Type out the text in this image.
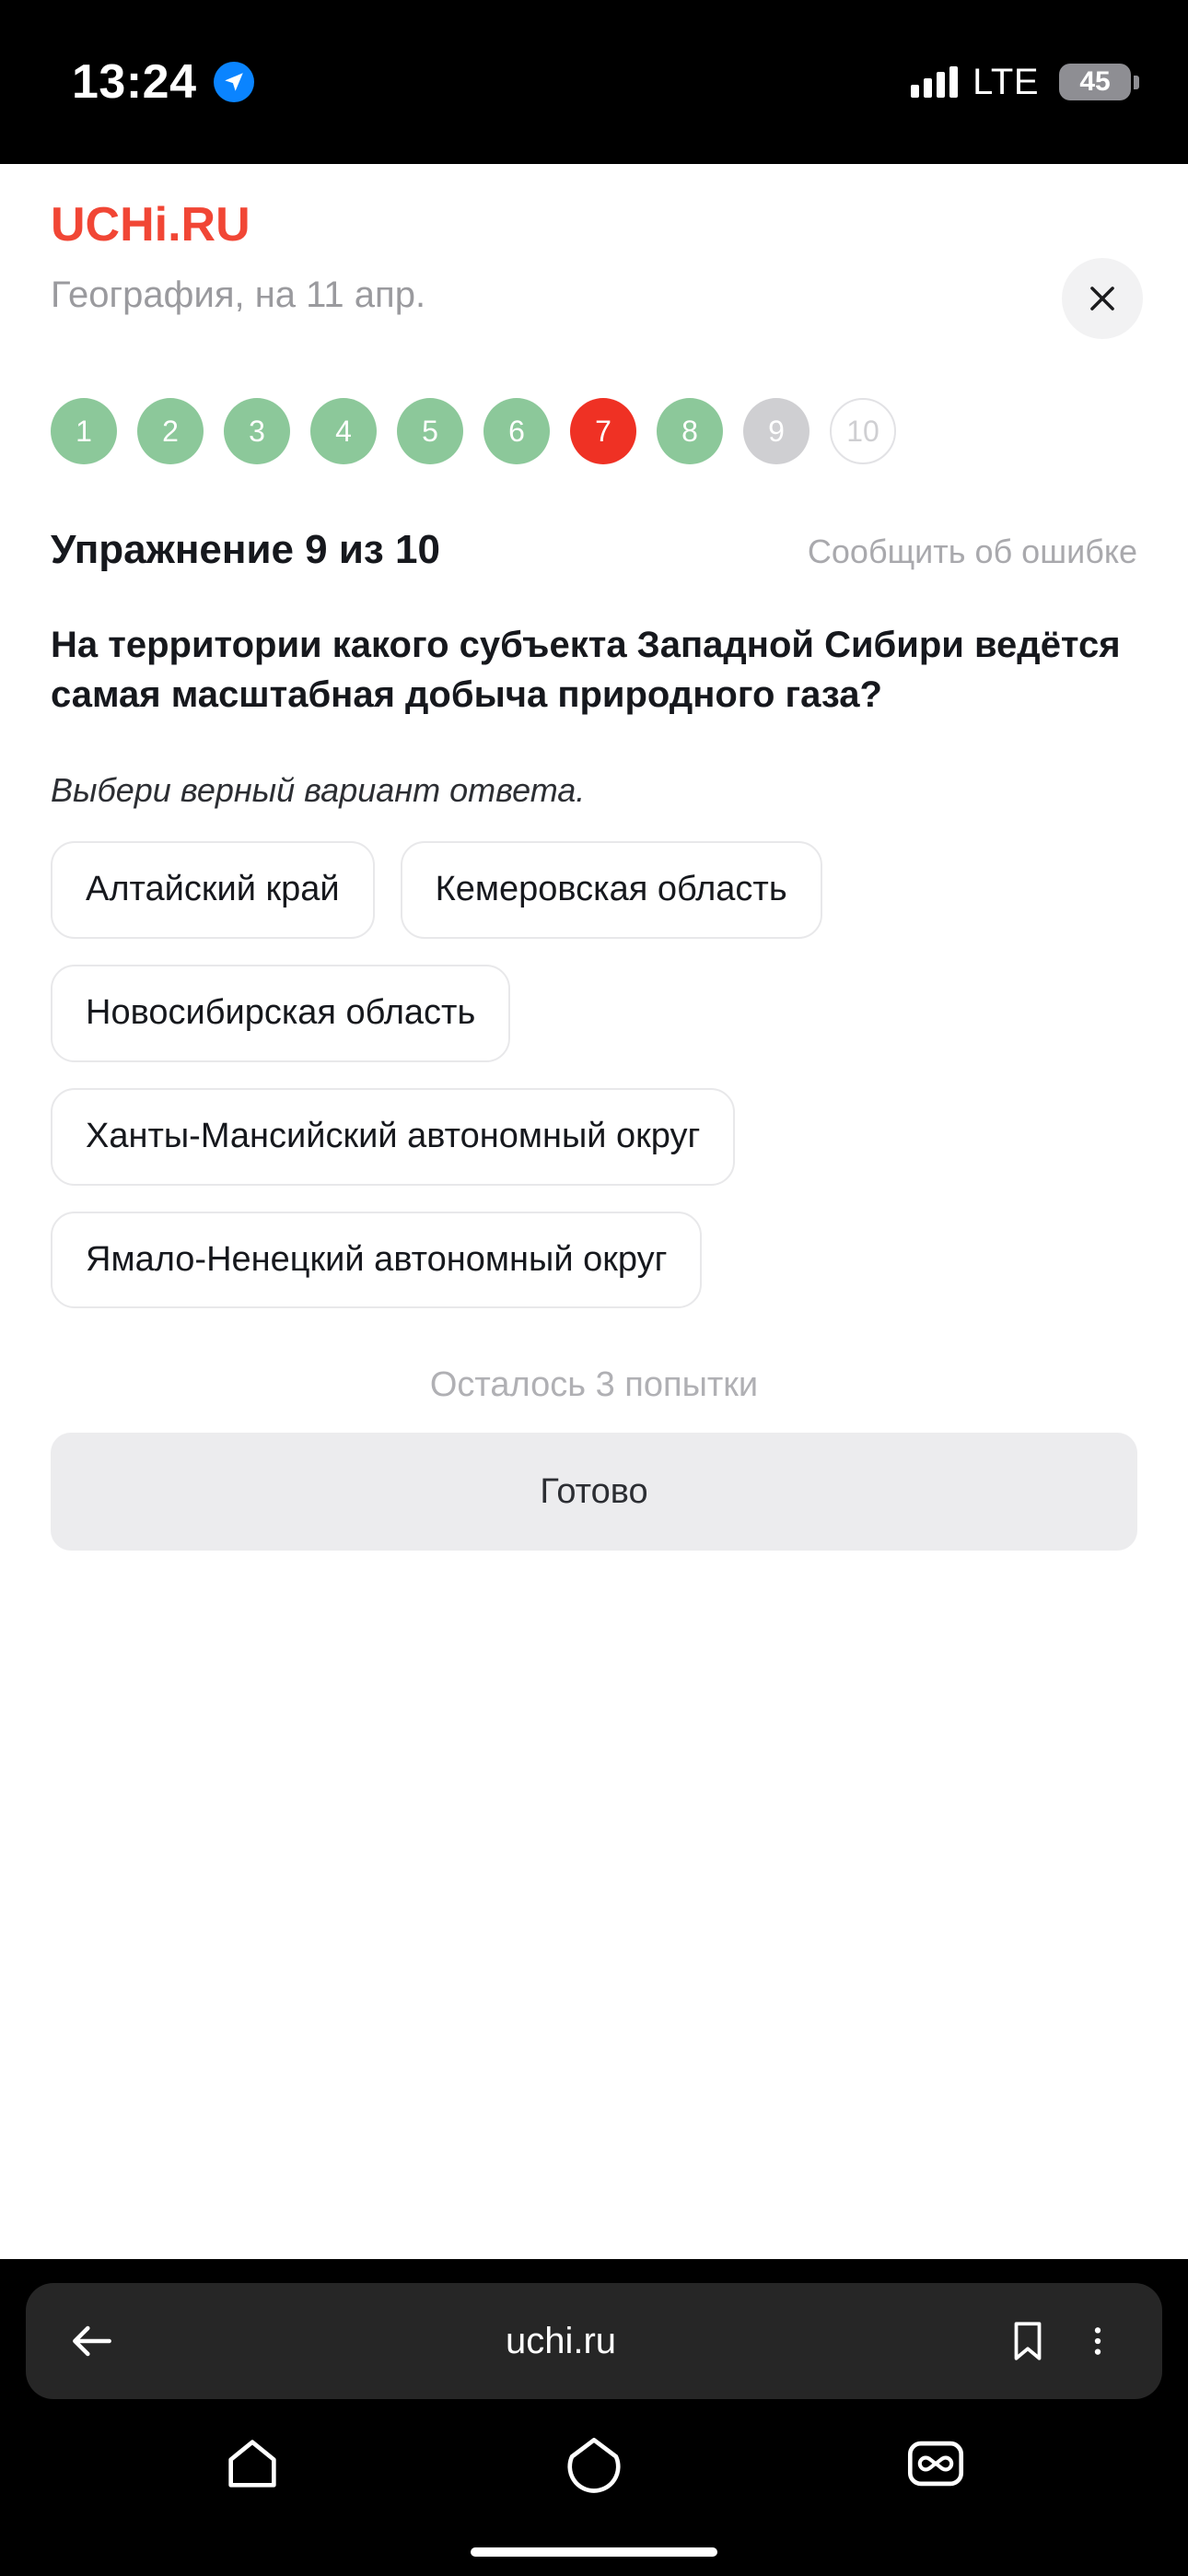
13:24	LTE 45
UCHi.RU
География, на 11 апр.
1	2	3	4	5	6	7	8	9	10
Упражнение 9 из 10	Сообщить об ошибке
На территории какого субъекта Западной Сибири ведётся самая масштабная добыча природного газа?
Выбери верный вариант ответа.
Алтайский край	Кемеровская область
Новосибирская область
Ханты-Мансийский автономный округ
Ямало-Ненецкий автономный округ
Осталось 3 попытки
Готово
uchi.ru
